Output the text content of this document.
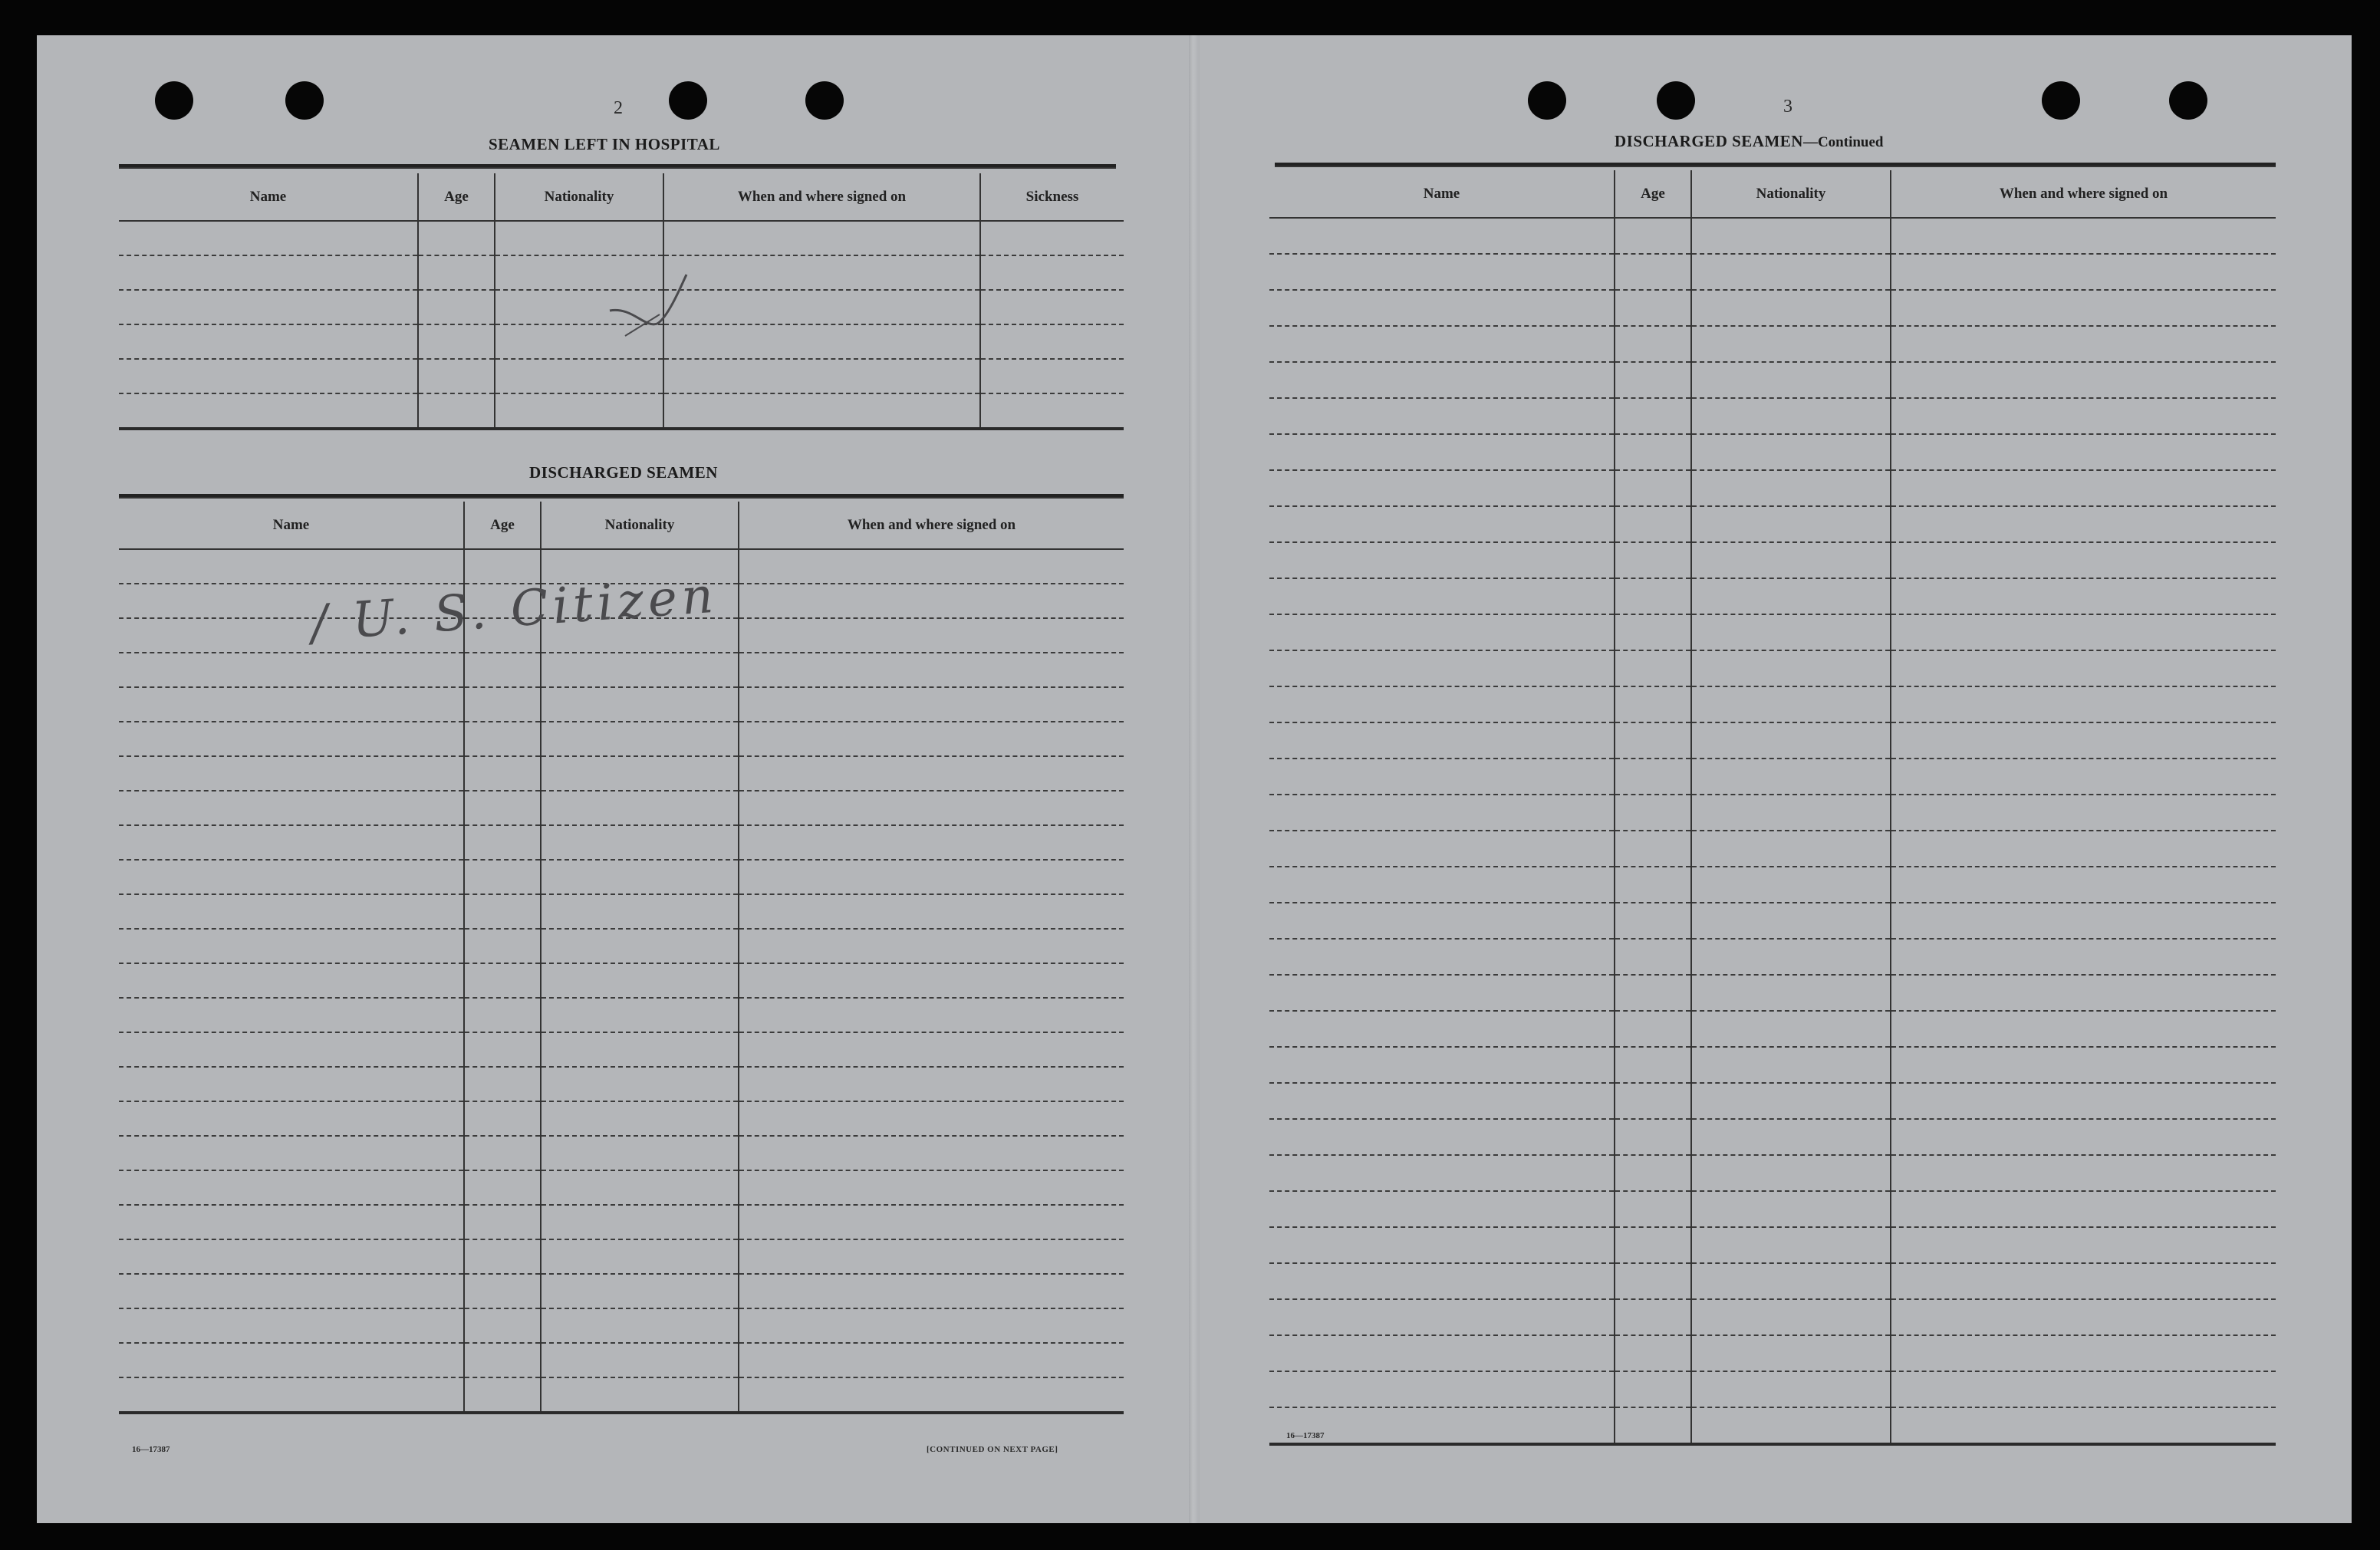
2
SEAMEN LEFT IN HOSPITAL
Name	Age	Nationality	When and where signed on	Sickness

DISCHARGED SEAMEN
Name	Age	Nationality	When and where signed on

/ U. S. Citizen
16—17387	[CONTINUED ON NEXT PAGE]
3
DISCHARGED SEAMEN—Continued
Name	Age	Nationality	When and where signed on

16—17387
